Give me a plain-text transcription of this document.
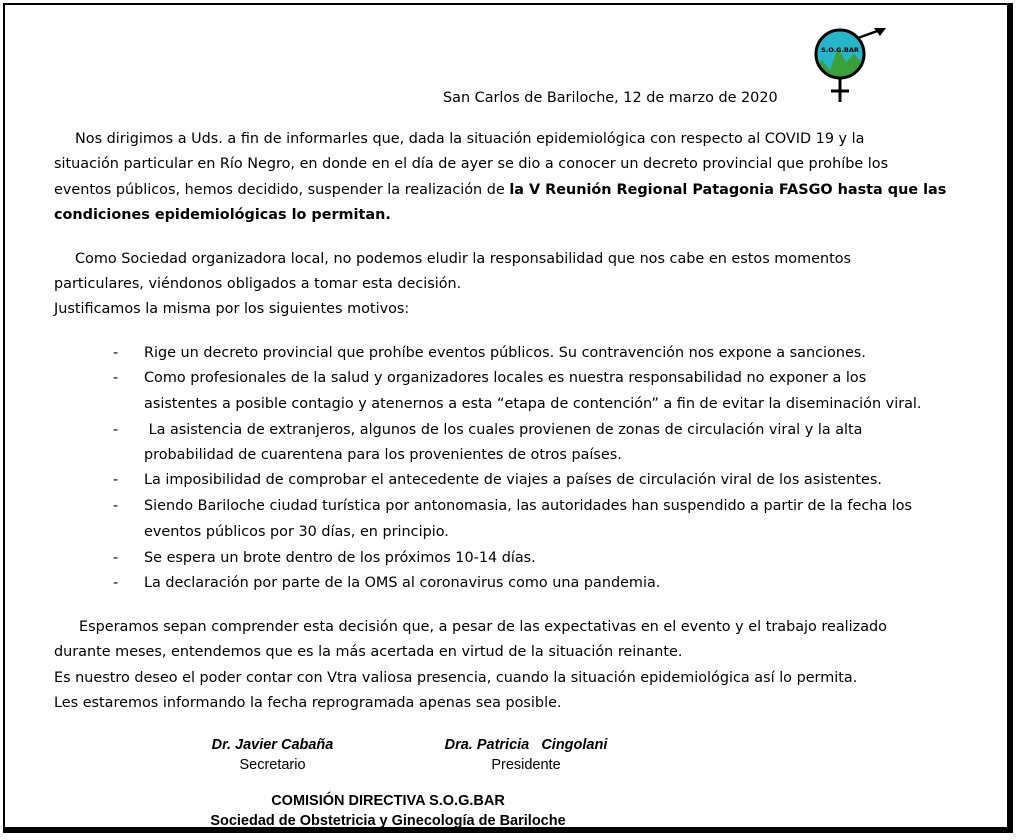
S.O.G.BAR
San Carlos de Bariloche, 12 de marzo de 2020
Nos dirigimos a Uds. a fin de informarles que, dada la situación epidemiológica con respecto al COVID 19 y la
situación particular en Río Negro, en donde en el día de ayer se dio a conocer un decreto provincial que prohíbe los
eventos públicos, hemos decidido, suspender la realización de la V Reunión Regional Patagonia FASGO hasta que las
condiciones epidemiológicas lo permitan.
Como Sociedad organizadora local, no podemos eludir la responsabilidad que nos cabe en estos momentos
particulares, viéndonos obligados a tomar esta decisión.
Justificamos la misma por los siguientes motivos:
- Rige un decreto provincial que prohíbe eventos públicos. Su contravención nos expone a sanciones.
- Como profesionales de la salud y organizadores locales es nuestra responsabilidad no exponer a los
asistentes a posible contagio y atenernos a esta “etapa de contención” a fin de evitar la diseminación viral.
- La asistencia de extranjeros, algunos de los cuales provienen de zonas de circulación viral y la alta
probabilidad de cuarentena para los provenientes de otros países.
- La imposibilidad de comprobar el antecedente de viajes a países de circulación viral de los asistentes.
- Siendo Bariloche ciudad turística por antonomasia, las autoridades han suspendido a partir de la fecha los
eventos públicos por 30 días, en principio.
- Se espera un brote dentro de los próximos 10-14 días.
- La declaración por parte de la OMS al coronavirus como una pandemia.
Esperamos sepan comprender esta decisión que, a pesar de las expectativas en el evento y el trabajo realizado
durante meses, entendemos que es la más acertada en virtud de la situación reinante.
Es nuestro deseo el poder contar con Vtra valiosa presencia, cuando la situación epidemiológica así lo permita.
Les estaremos informando la fecha reprogramada apenas sea posible.
Dr. Javier Cabaña
Secretario
Dra. Patricia   Cingolani
Presidente
COMISIÓN DIRECTIVA S.O.G.BAR
Sociedad de Obstetricia y Ginecología de Bariloche
